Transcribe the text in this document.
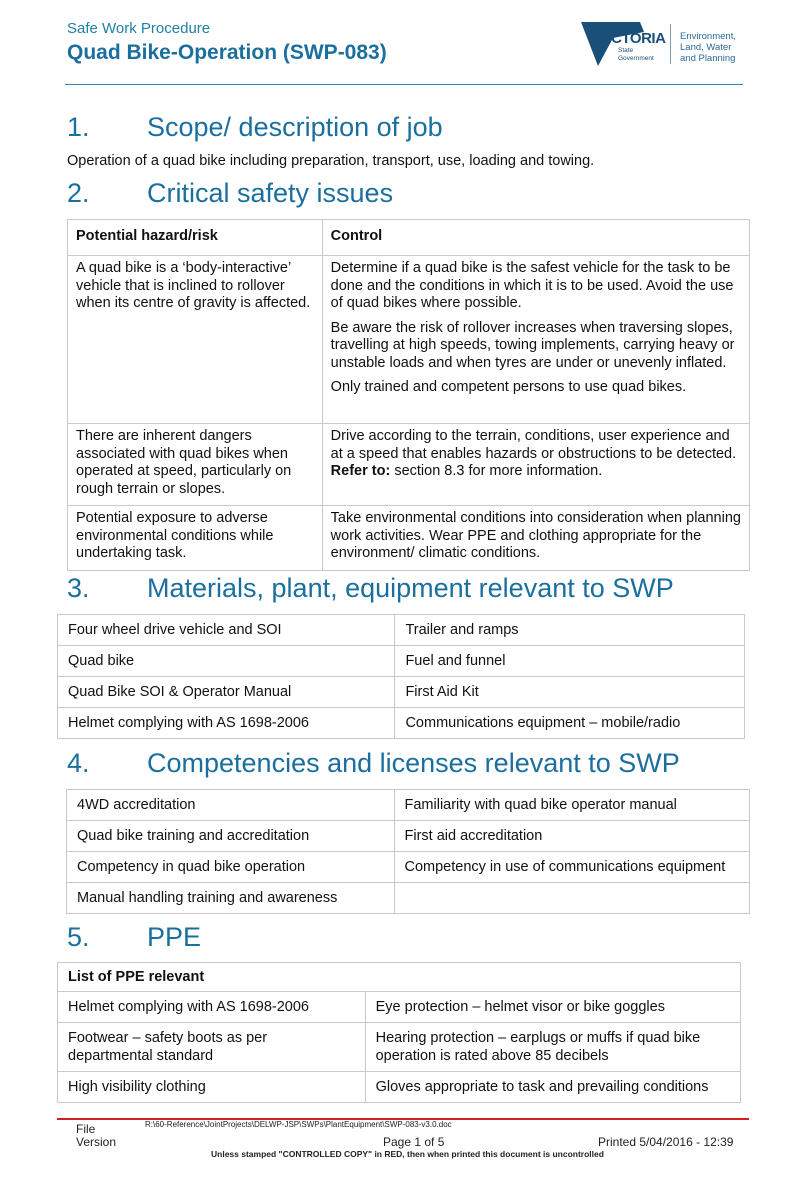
Safe Work Procedure
Quad Bike-Operation (SWP-083)
VICTORIA
State
Government
Environment,
Land, Water
and Planning
1. Scope/ description of job
Operation of a quad bike including preparation, transport, use, loading and towing.
2. Critical safety issues
Potential hazard/risk	Control

A quad bike is a ‘body-interactive’ vehicle that is inclined to rollover when its centre of gravity is affected.	Determine if a quad bike is the safest vehicle for the task to be done and the conditions in which it is to be used. Avoid the use of quad bikes where possible.

Be aware the risk of rollover increases when traversing slopes, travelling at high speeds, towing implements, carrying heavy or unstable loads and when tyres are under or unevenly inflated.

Only trained and competent persons to use quad bikes.

There are inherent dangers associated with quad bikes when operated at speed, particularly on rough terrain or slopes.	Drive according to the terrain, conditions, user experience and at a speed that enables hazards or obstructions to be detected. Refer to: section 8.3 for more information.

Potential exposure to adverse environmental conditions while undertaking task.	Take environmental conditions into consideration when planning work activities. Wear PPE and clothing appropriate for the environment/ climatic conditions.

3. Materials, plant, equipment relevant to SWP
Four wheel drive vehicle and SOI	Trailer and ramps
Quad bike	Fuel and funnel
Quad Bike SOI & Operator Manual	First Aid Kit
Helmet complying with AS 1698-2006	Communications equipment – mobile/radio
4. Competencies and licenses relevant to SWP
4WD accreditation	Familiarity with quad bike operator manual
Quad bike training and accreditation	First aid accreditation
Competency in quad bike operation	Competency in use of communications equipment
Manual handling training and awareness	
5. PPE
List of PPE relevant	
Helmet complying with AS 1698-2006	Eye protection – helmet visor or bike goggles
Footwear – safety boots as per departmental standard	Hearing protection – earplugs or muffs if quad bike operation is rated above 85 decibels
High visibility clothing	Gloves appropriate to task and prevailing conditions
File	R:\60-Reference\JointProjects\DELWP-JSP\SWPs\PlantEquipment\SWP-083-v3.0.doc
Version	Page 1 of 5	Printed 5/04/2016 - 12:39
Unless stamped "CONTROLLED COPY" in RED, then when printed this document is uncontrolled
